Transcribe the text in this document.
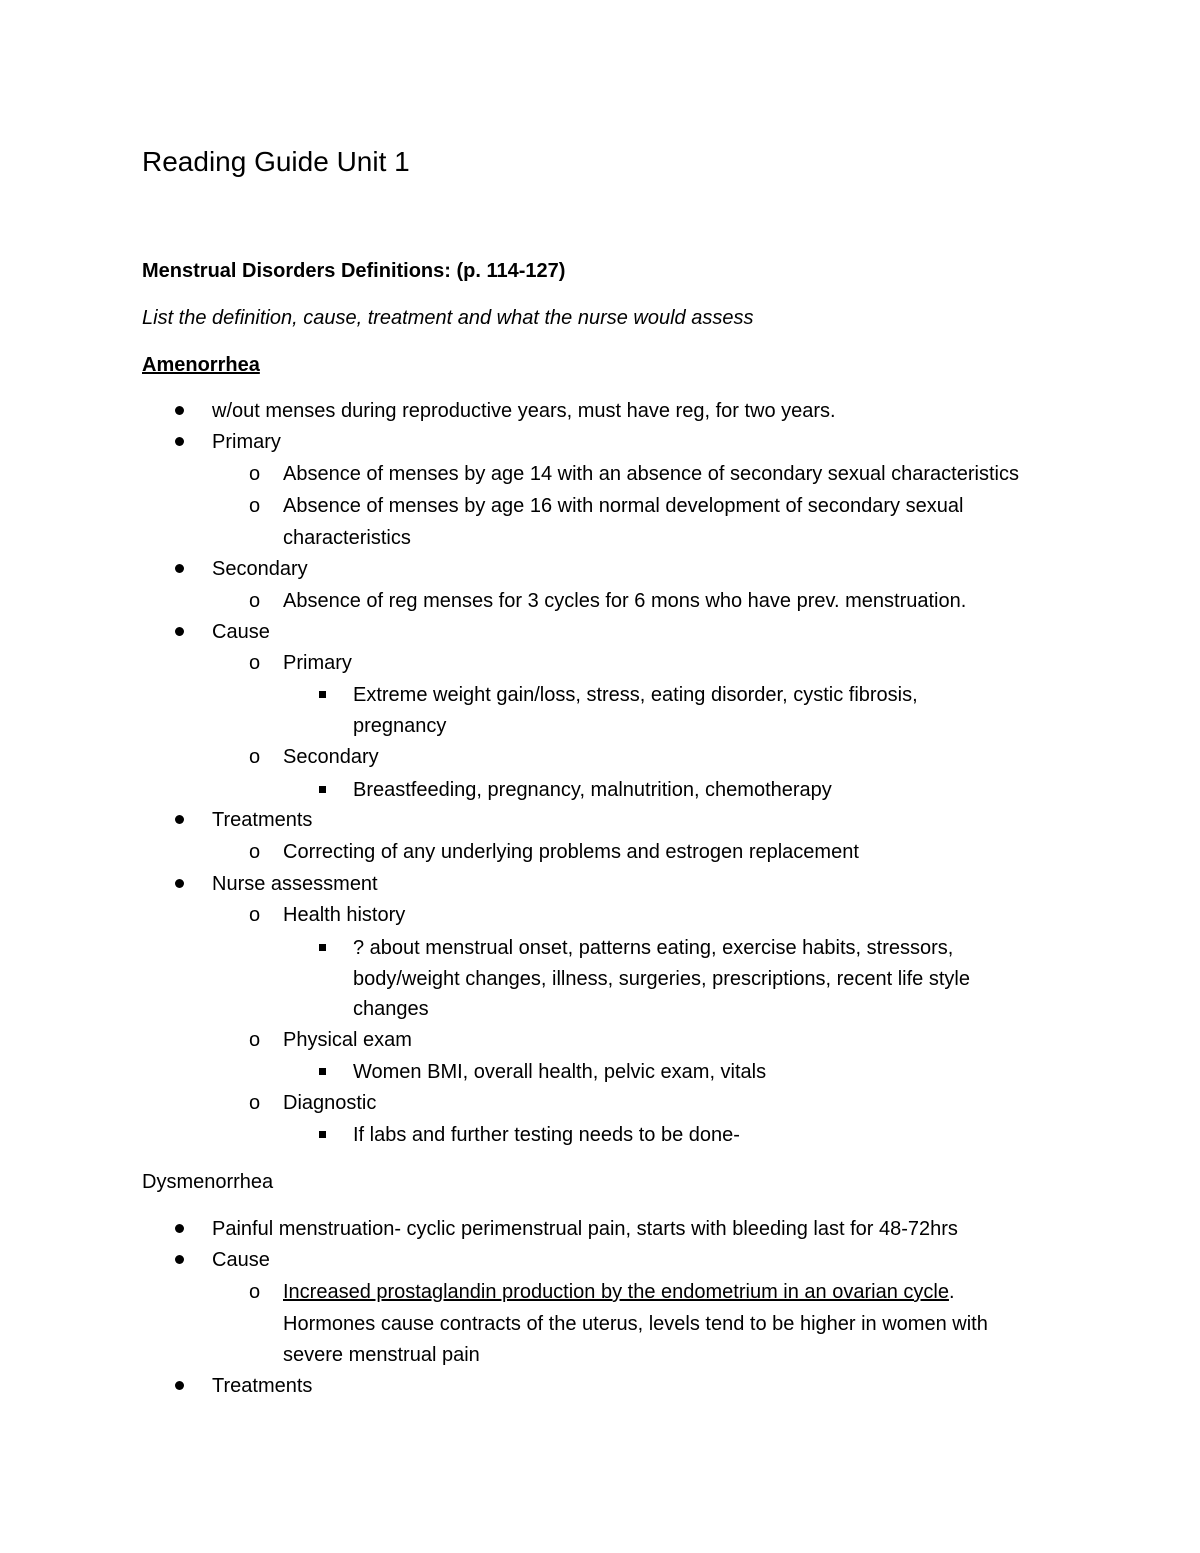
Reading Guide Unit 1

Menstrual Disorders Definitions: (p. 114-127)

List the definition, cause, treatment and what the nurse would assess

Amenorrhea

w/out menses during reproductive years, must have reg, for two years.

Primary

o Absence of menses by age 14 with an absence of secondary sexual characteristics

o Absence of menses by age 16 with normal development of secondary sexual

characteristics

Secondary

o Absence of reg menses for 3 cycles for 6 mons who have prev. menstruation.

Cause

o Primary

Extreme weight gain/loss, stress, eating disorder, cystic fibrosis,

pregnancy

o Secondary

Breastfeeding, pregnancy, malnutrition, chemotherapy

Treatments

o Correcting of any underlying problems and estrogen replacement

Nurse assessment

o Health history

? about menstrual onset, patterns eating, exercise habits, stressors,

body/weight changes, illness, surgeries, prescriptions, recent life style

changes

o Physical exam

Women BMI, overall health, pelvic exam, vitals

o Diagnostic

If labs and further testing needs to be done-

Dysmenorrhea

Painful menstruation- cyclic perimenstrual pain, starts with bleeding last for 48-72hrs

Cause

o Increased prostaglandin production by the endometrium in an ovarian cycle.

Hormones cause contracts of the uterus, levels tend to be higher in women with

severe menstrual pain

Treatments
